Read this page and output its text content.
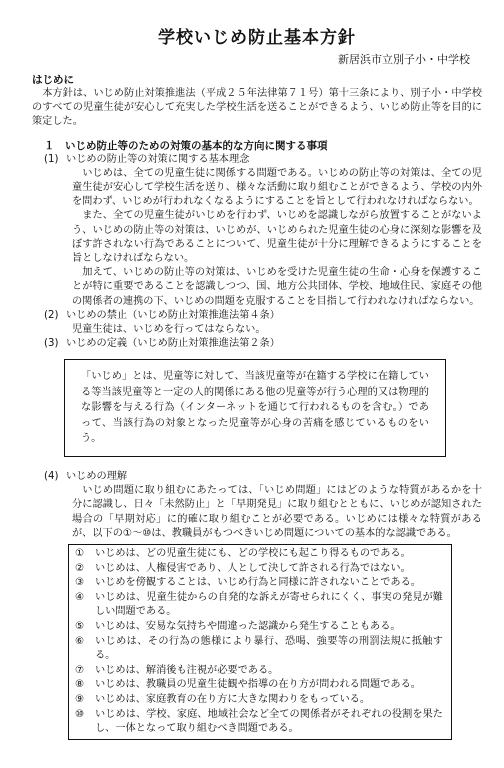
学校いじめ防止基本方針
新居浜市立別子小・中学校
はじめに

本方針は、いじめ防止対策推進法（平成２５年法律第７１号）第十三条により、別子小・中学校のすべての児童生徒が安心して充実した学校生活を送ることができるよう、いじめ防止等を目的に策定した。

１　いじめ防止等のための対策の基本的な方向に関する事項
(1) いじめの防止等の対策に関する基本理念

いじめは、全ての児童生徒に関係する問題である。いじめの防止等の対策は、全ての児童生徒が安心して学校生活を送り、様々な活動に取り組むことができるよう、学校の内外を問わず、いじめが行われなくなるようにすることを旨として行われなければならない。

また、全ての児童生徒がいじめを行わず、いじめを認識しながら放置することがないよう、いじめの防止等の対策は、いじめが、いじめられた児童生徒の心身に深刻な影響を及ぼす許されない行為であることについて、児童生徒が十分に理解できるようにすることを旨としなければならない。

加えて、いじめの防止等の対策は、いじめを受けた児童生徒の生命・心身を保護することが特に重要であることを認識しつつ、国、地方公共団体、学校、地域住民、家庭その他の関係者の連携の下、いじめの問題を克服することを目指して行われなければならない。

(2) いじめの禁止（いじめ防止対策推進法第４条）

児童生徒は、いじめを行ってはならない。

(3) いじめの定義（いじめ防止対策推進法第２条）
「いじめ」とは、児童等に対して、当該児童等が在籍する学校に在籍している等当該児童等と一定の人的関係にある他の児童等が行う心理的又は物理的な影響を与える行為（インターネットを通じて行われるものを含む。）であって、当該行為の対象となった児童等が心身の苦痛を感じているものをいう。
(4) いじめの理解

いじめ問題に取り組むにあたっては、「いじめ問題」にはどのような特質があるかを十分に認識し、日々「未然防止」と「早期発見」に取り組むとともに、いじめが認知された場合の「早期対応」に的確に取り組むことが必要である。いじめには様々な特質があるが、以下の①～⑩は、教職員がもつべきいじめ問題についての基本的な認識である。

①	いじめは、どの児童生徒にも、どの学校にも起こり得るものである。
②	いじめは、人権侵害であり、人として決して許される行為ではない。
③	いじめを傍観することは、いじめ行為と同様に許されないことである。
④	いじめは、児童生徒からの自発的な訴えが寄せられにくく、事実の発見が難しい問題である。
⑤	いじめは、安易な気持ちや間違った認識から発生することもある。
⑥	いじめは、その行為の態様により暴行、恐喝、強要等の刑罰法規に抵触する。
⑦	いじめは、解消後も注視が必要である。
⑧	いじめは、教職員の児童生徒観や指導の在り方が問われる問題である。
⑨	いじめは、家庭教育の在り方に大きな関わりをもっている。
⑩	いじめは、学校、家庭、地域社会など全ての関係者がそれぞれの役割を果たし、一体となって取り組むべき問題である。
